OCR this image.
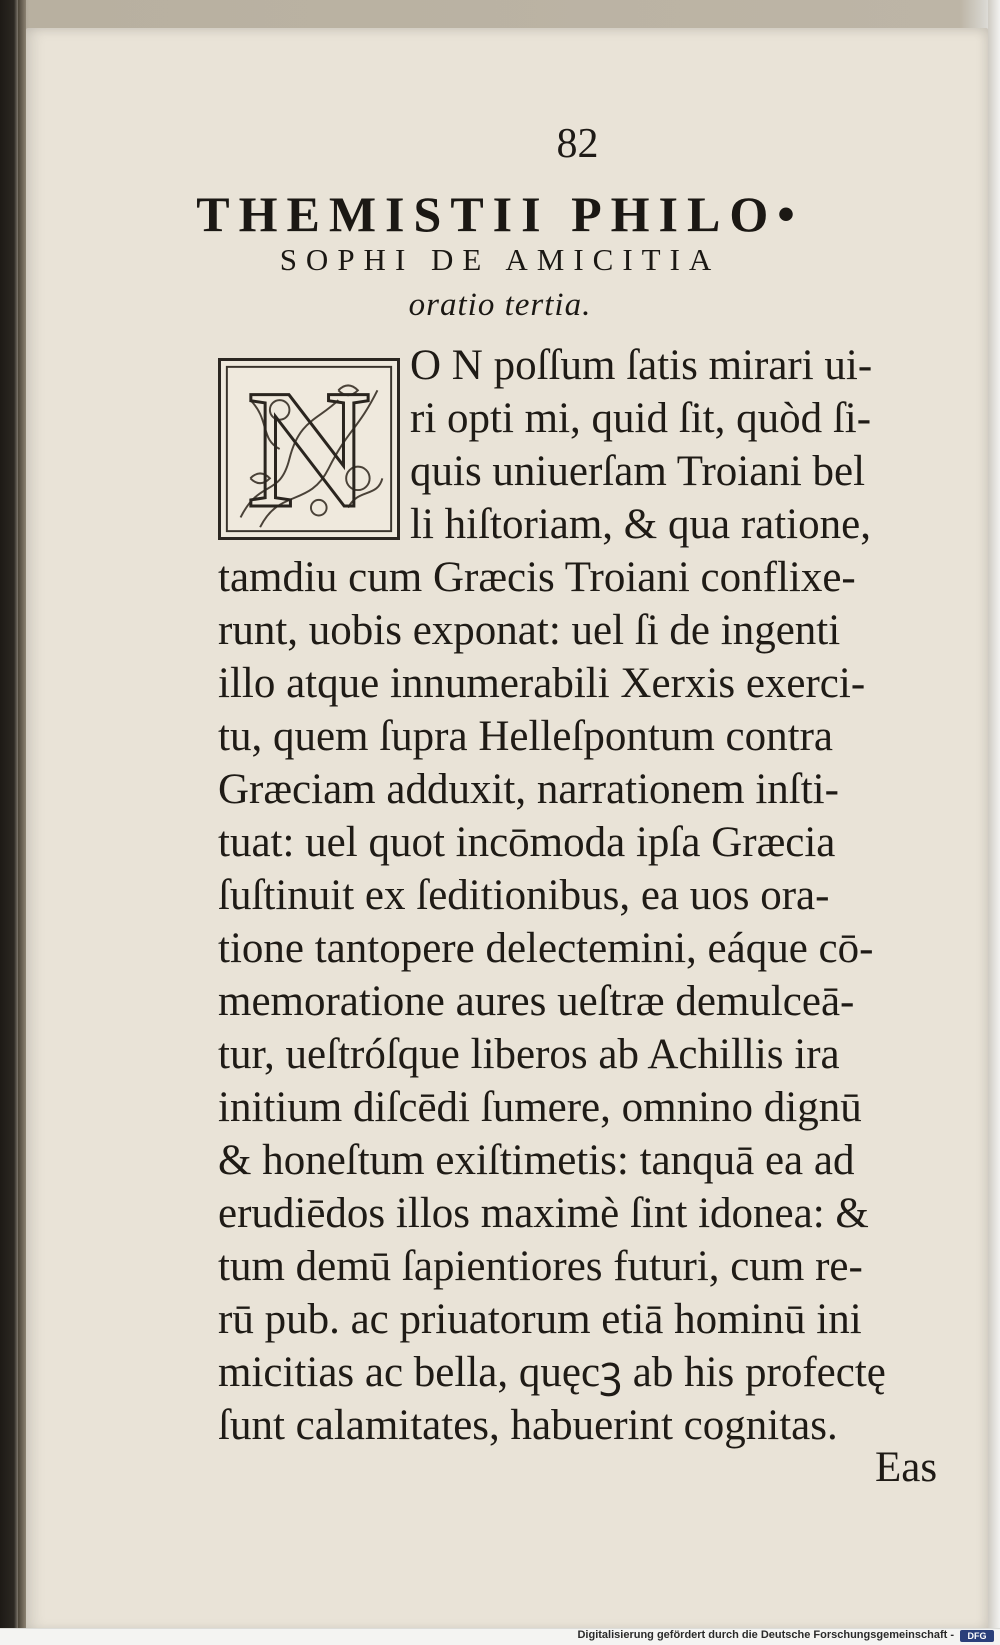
82
THEMISTII PHILO•
SOPHI DE AMICITIA
oratio tertia.
N O N poſſum ſatis mirari ui-
ri opti mi, quid ſit, quòd ſi-
quis uniuerſam Troiani bel
li hiſtoriam, & qua ratione,
tamdiu cum Græcis Troiani conflixe-
runt, uobis exponat: uel ſi de ingenti
illo atque innumerabili Xerxis exerci-
tu, quem ſupra Helleſpontum contra
Græciam adduxit, narrationem inſti-
tuat: uel quot incōmoda ipſa Græcia
ſuſtinuit ex ſeditionibus, ea uos ora-
tione tantopere delectemini, eáque cō-
memoratione aures ueſtræ demulceā-
tur, ueſtróſque liberos ab Achillis ira
initium diſcēdi ſumere, omnino dignū
& honeſtum exiſtimetis: tanquā ea ad
erudiēdos illos maximè ſint idonea: &
tum demū ſapientiores futuri, cum re-
rū pub. ac priuatorum etiā hominū ini
micitias ac bella, quęcꝫ ab his profectę
ſunt calamitates, habuerint cognitas.
Eas
Digitalisierung gefördert durch die Deutsche Forschungsgemeinschaft -	DFG
